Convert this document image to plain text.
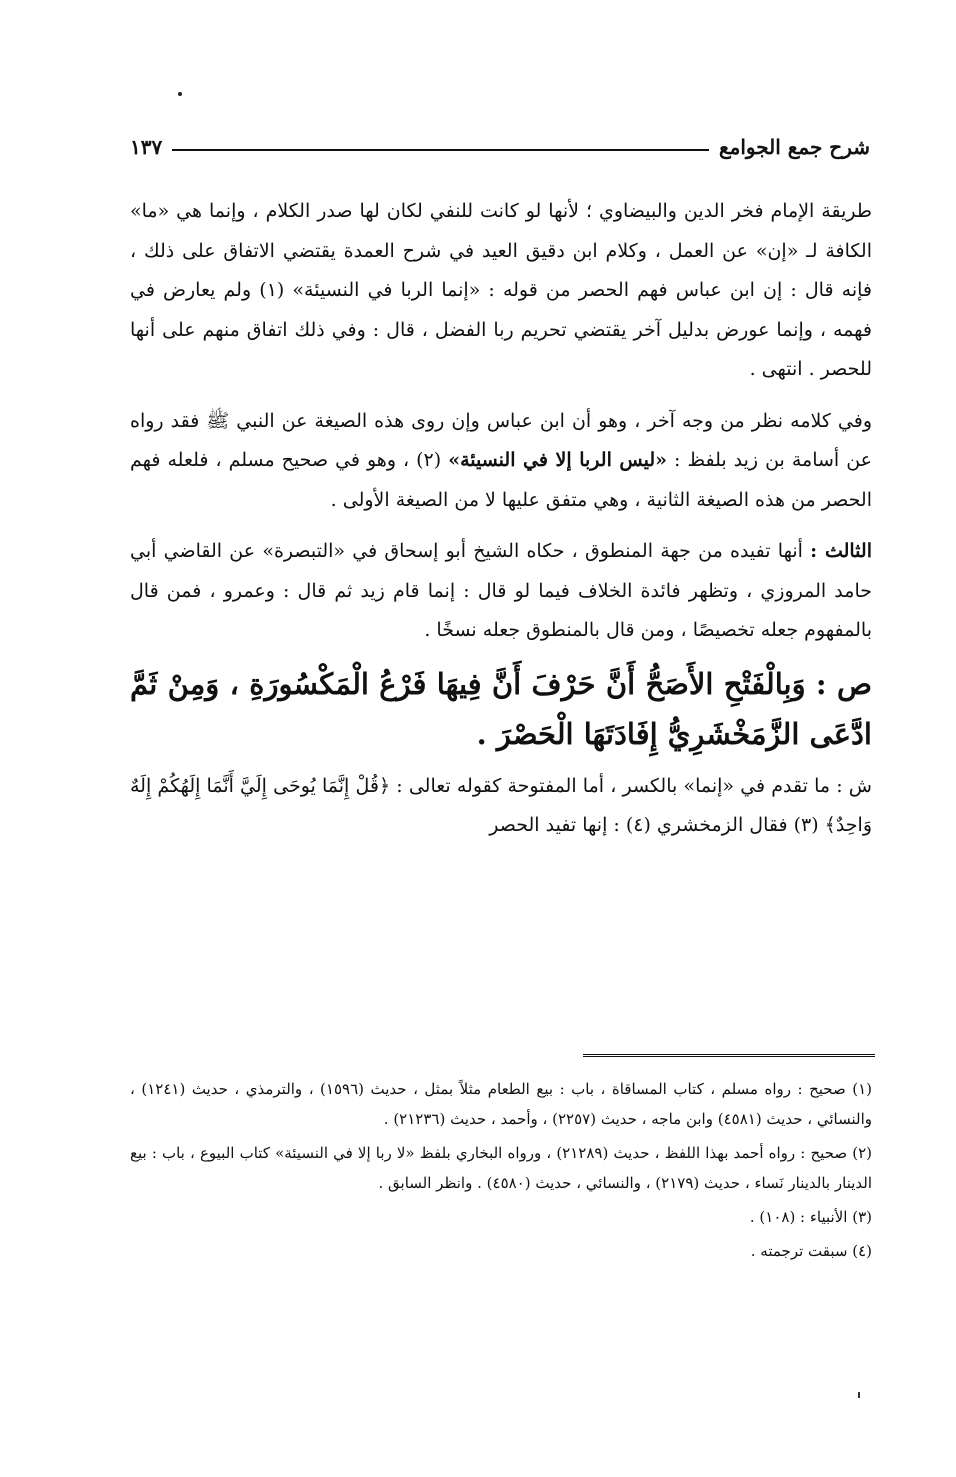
شرح جمع الجوامع
١٣٧

طريقة الإمام فخر الدين والبيضاوي ؛ لأنها لو كانت للنفي لكان لها صدر الكلام ، وإنما هي «ما» الكافة لـ «إن» عن العمل ، وكلام ابن دقيق العيد في شرح العمدة يقتضي الاتفاق على ذلك ، فإنه قال : إن ابن عباس فهم الحصر من قوله : «إنما الربا في النسيئة» (١) ولم يعارض في فهمه ، وإنما عورض بدليل آخر يقتضي تحريم ربا الفضل ، قال : وفي ذلك اتفاق منهم على أنها للحصر . انتهى .

وفي كلامه نظر من وجه آخر ، وهو أن ابن عباس وإن روى هذه الصيغة عن النبي ﷺ فقد رواه عن أسامة بن زيد بلفظ : «ليس الربا إلا في النسيئة» (٢) ، وهو في صحيح مسلم ، فلعله فهم الحصر من هذه الصيغة الثانية ، وهي متفق عليها لا من الصيغة الأولى .

الثالث : أنها تفيده من جهة المنطوق ، حكاه الشيخ أبو إسحاق في «التبصرة» عن القاضي أبي حامد المروزي ، وتظهر فائدة الخلاف فيما لو قال : إنما قام زيد ثم قال : وعمرو ، فمن قال بالمفهوم جعله تخصيصًا ، ومن قال بالمنطوق جعله نسخًا .

ص : وَبِالْفَتْحِ الأَصَحُّ أَنَّ حَرْفَ أَنَّ فِيهَا فَرْعُ الْمَكْسُورَةِ ، وَمِنْ ثَمَّ ادَّعَى الزَّمَخْشَرِيُّ إِفَادَتَهَا الْحَصْرَ .

ش : ما تقدم في «إنما» بالكسر ، أما المفتوحة كقوله تعالى : ﴿قُلْ إِنَّمَا يُوحَى إِلَيَّ أَنَّمَا إِلَهُكُمْ إِلَهٌ وَاحِدٌ﴾ (٣) فقال الزمخشري (٤) : إنها تفيد الحصر

(١) صحيح : رواه مسلم ، كتاب المساقاة ، باب : بيع الطعام مثلاً بمثل ، حديث (١٥٩٦) ، والترمذي ، حديث (١٢٤١) ، والنسائي ، حديث (٤٥٨١) وابن ماجه ، حديث (٢٢٥٧) ، وأحمد ، حديث (٢١٢٣٦) .

(٢) صحيح : رواه أحمد بهذا اللفظ ، حديث (٢١٢٨٩) ، ورواه البخاري بلفظ «لا ربا إلا في النسيئة» كتاب البيوع ، باب : بيع الدينار بالدينار نَساء ، حديث (٢١٧٩) ، والنسائي ، حديث (٤٥٨٠) . وانظر السابق .

(٣) الأنبياء : (١٠٨) .

(٤) سبقت ترجمته .
